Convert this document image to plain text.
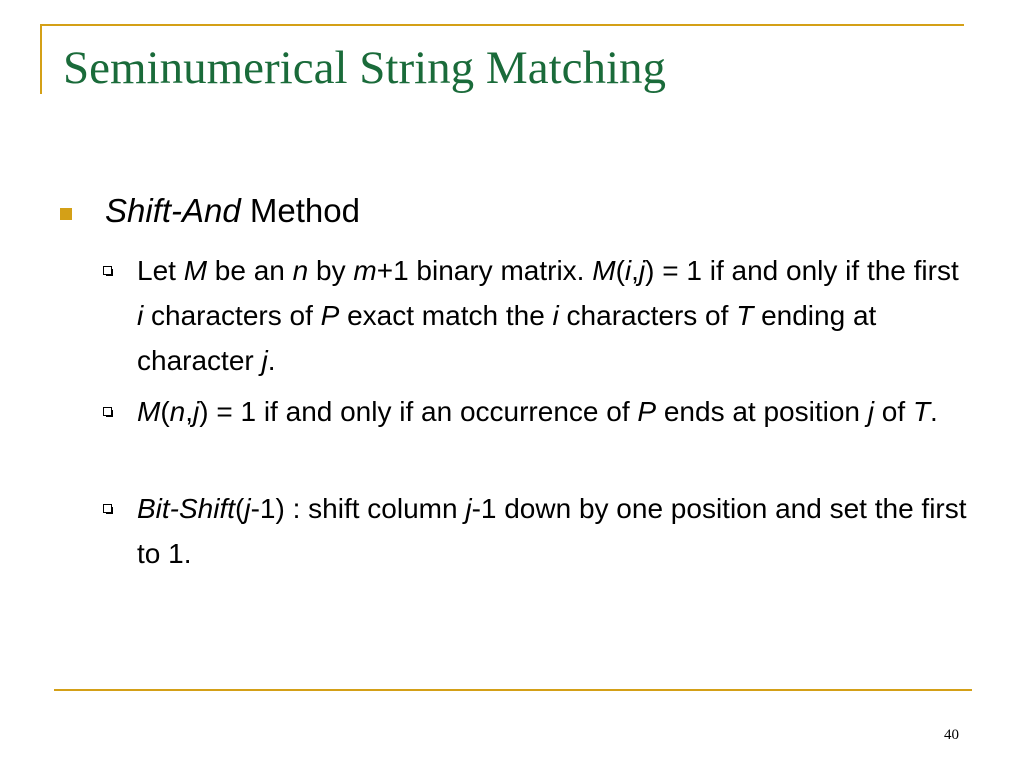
Seminumerical String Matching
Shift-And Method
Let M be an n by m+1 binary matrix. M(i,j) = 1 if and only if the first i characters of P exact match the i characters of T ending at character j.
M(n,j) = 1 if and only if an occurrence of P ends at position j of T.
Bit-Shift(j-1) : shift column j-1 down by one position and set the first to 1.
40
